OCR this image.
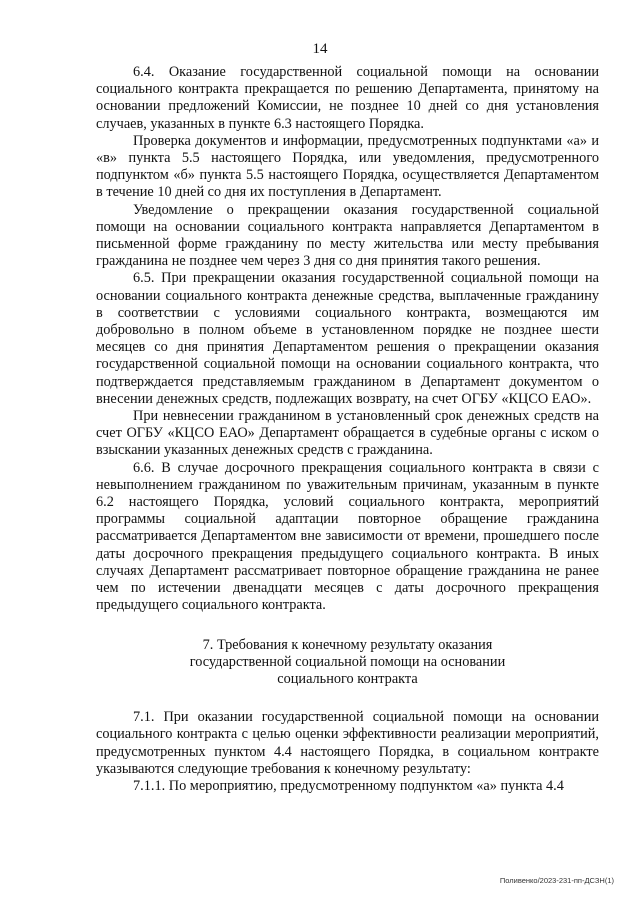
14

6.4. Оказание государственной социальной помощи на основании социального контракта прекращается по решению Департамента, принятому на основании предложений Комиссии, не позднее 10 дней со дня установления случаев, указанных в пункте 6.3 настоящего Порядка.

Проверка документов и информации, предусмотренных подпунктами «а» и «в» пункта 5.5 настоящего Порядка, или уведомления, предусмотренного подпунктом «б» пункта 5.5 настоящего Порядка, осуществляется Департаментом в течение 10 дней со дня их поступления в Департамент.

Уведомление о прекращении оказания государственной социальной помощи на основании социального контракта направляется Департаментом в письменной форме гражданину по месту жительства или месту пребывания гражданина не позднее чем через 3 дня со дня принятия такого решения.

6.5. При прекращении оказания государственной социальной помощи на основании социального контракта денежные средства, выплаченные гражданину в соответствии с условиями социального контракта, возмещаются им добровольно в полном объеме в установленном порядке не позднее шести месяцев со дня принятия Департаментом решения о прекращении оказания государственной социальной помощи на основании социального контракта, что подтверждается представляемым гражданином в Департамент документом о внесении денежных средств, подлежащих возврату, на счет ОГБУ «КЦСО ЕАО».

При невнесении гражданином в установленный срок денежных средств на счет ОГБУ «КЦСО ЕАО» Департамент обращается в судебные органы с иском о взыскании указанных денежных средств с гражданина.

6.6. В случае досрочного прекращения социального контракта в связи с невыполнением гражданином по уважительным причинам, указанным в пункте 6.2 настоящего Порядка, условий социального контракта, мероприятий программы социальной адаптации повторное обращение гражданина рассматривается Департаментом вне зависимости от времени, прошедшего после даты досрочного прекращения предыдущего социального контракта. В иных случаях Департамент рассматривает повторное обращение гражданина не ранее чем по истечении двенадцати месяцев с даты досрочного прекращения предыдущего социального контракта.

7. Требования к конечному результату оказания
государственной социальной помощи на основании
социального контракта

7.1. При оказании государственной социальной помощи на основании социального контракта с целью оценки эффективности реализации мероприятий, предусмотренных пунктом 4.4 настоящего Порядка, в социальном контракте указываются следующие требования к конечному результату:

7.1.1. По мероприятию, предусмотренному подпунктом «а» пункта 4.4

Поливенко/2023-231-пп-ДСЗН(1)
